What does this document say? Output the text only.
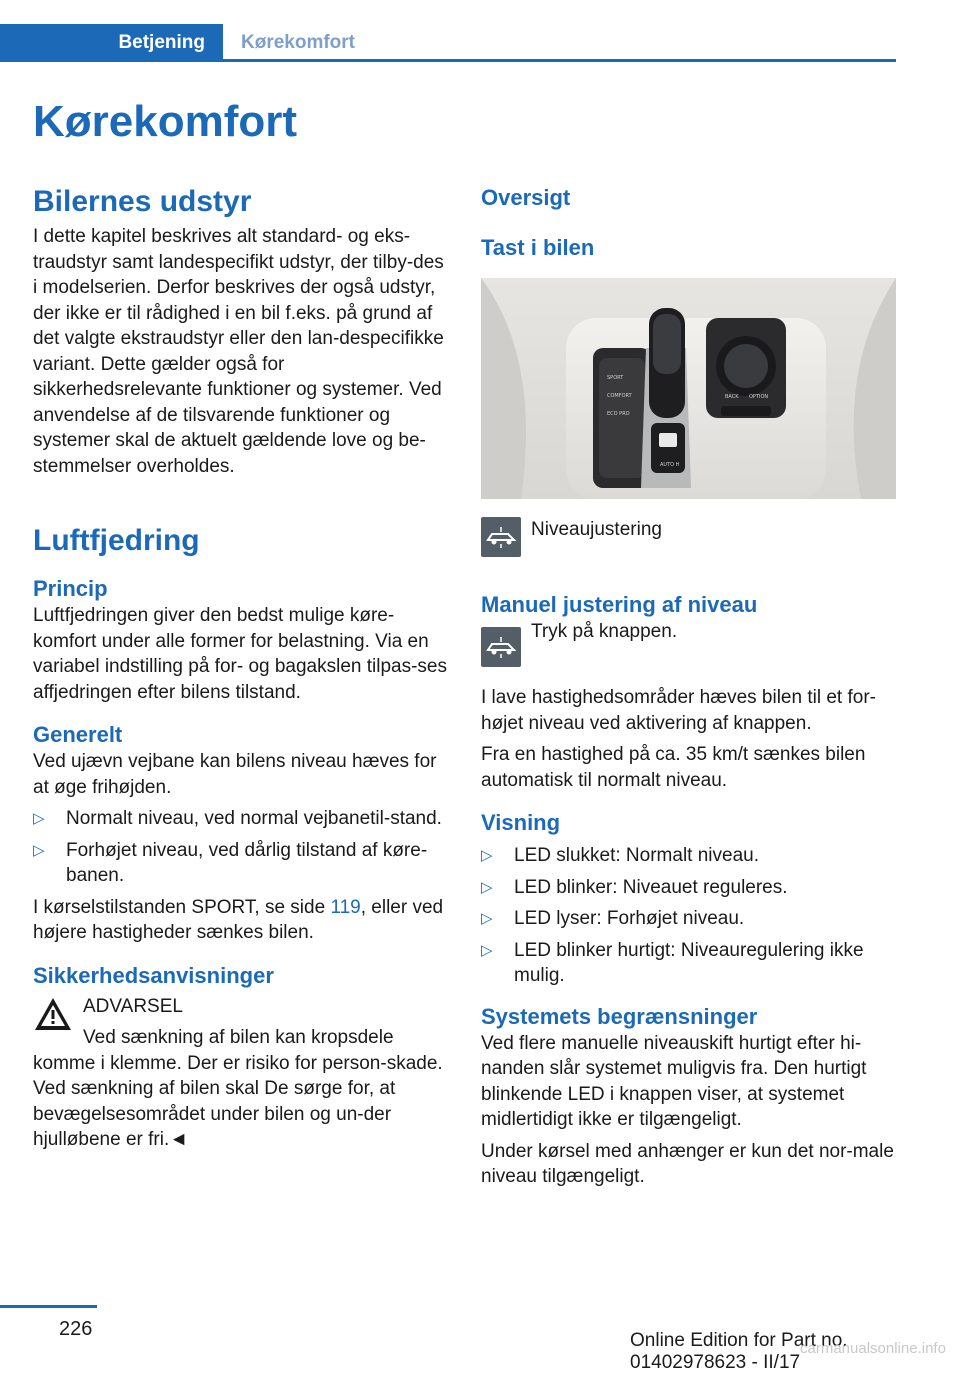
Betjening	Kørekomfort
Kørekomfort
Bilernes udstyr

I dette kapitel beskrives alt standard- og eks-traudstyr samt landespecifikt udstyr, der tilby-des i modelserien. Derfor beskrives der også udstyr, der ikke er til rådighed i en bil f.eks. på grund af det valgte ekstraudstyr eller den lan-despecifikke variant. Dette gælder også for sikkerhedsrelevante funktioner og systemer. Ved anvendelse af de tilsvarende funktioner og systemer skal de aktuelt gældende love og be-stemmelser overholdes.

Luftfjedring
Princip

Luftfjedringen giver den bedst mulige køre-komfort under alle former for belastning. Via en variabel indstilling på for- og bagakslen tilpas-ses affjedringen efter bilens tilstand.

Generelt

Ved ujævn vejbane kan bilens niveau hæves for at øge frihøjden.

▷ Normalt niveau, ved normal vejbanetil-stand.
▷ Forhøjet niveau, ved dårlig tilstand af køre-banen.

I kørselstilstanden SPORT, se side 119, eller ved højere hastigheder sænkes bilen.

Sikkerhedsanvisninger

ADVARSEL

Ved sænkning af bilen kan kropsdele

komme i klemme. Der er risiko for person-skade. Ved sænkning af bilen skal De sørge for, at bevægelsesområdet under bilen og un-der hjulløbene er fri.◄

Oversigt
Tast i bilen
SPORT
COMFORT
ECO PRO
AUTO H
BACK OPTION

Niveaujustering

Manuel justering af niveau

Tryk på knappen.

I lave hastighedsområder hæves bilen til et for-højet niveau ved aktivering af knappen.

Fra en hastighed på ca. 35 km/t sænkes bilen automatisk til normalt niveau.

Visning
▷ LED slukket: Normalt niveau.
▷ LED blinker: Niveauet reguleres.
▷ LED lyser: Forhøjet niveau.
▷ LED blinker hurtigt: Niveauregulering ikke mulig.
Systemets begrænsninger

Ved flere manuelle niveauskift hurtigt efter hi-nanden slår systemet muligvis fra. Den hurtigt blinkende LED i knappen viser, at systemet midlertidigt ikke er tilgængeligt.

Under kørsel med anhænger er kun det nor-male niveau tilgængeligt.

226
Online Edition for Part no. 01402978623 - II/17
carmanualsonline.info
